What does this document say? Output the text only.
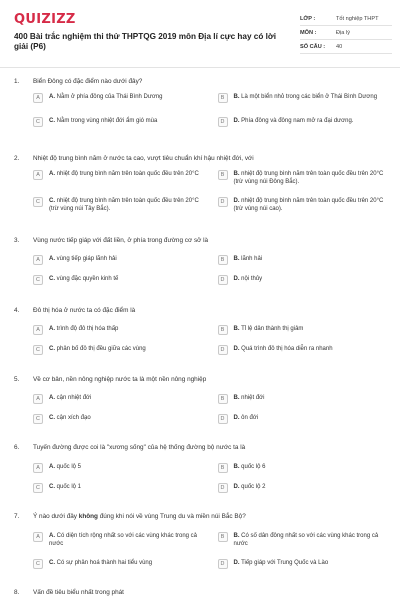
QUIZIZZ
400 Bài trắc nghiệm thi thử THPTQG 2019 môn Địa lí cực hay có lời giải (P6)
LỚP :	Tốt nghiệp THPT
MÔN :	Địa lý
SỐ CÂU :	40
1.	Biển Đông có đặc điểm nào dưới đây?
A	A. Nằm ở phía đông của Thái Bình Dương	B	B. Là một biển nhỏ trong các biển ở Thái Bình Dương
C	C. Nằm trong vùng nhiệt đới ẩm gió mùa	D	D. Phía đông và đông nam mở ra đại dương.
2.	Nhiệt độ trung bình năm ở nước ta cao, vượt tiêu chuẩn khí hậu nhiệt đới, với
A	A. nhiệt độ trung bình năm trên toàn quốc đều trên 20°C	B	B. nhiệt độ trung bình năm trên toàn quốc đều trên 20°C (trừ vùng núi Đông Bắc).
C	C. nhiệt độ trung bình năm trên toàn quốc đều trên 20°C (trừ vùng núi Tây Bắc).
D	D. nhiệt độ trung bình năm trên toàn quốc đều trên 20°C (trừ vùng núi cao).
3.	Vùng nước tiếp giáp với đất liền, ở phía trong đường cơ sở là
A	A. vùng tiếp giáp lãnh hải	B	B. lãnh hải
C	C. vùng đặc quyền kinh tế	D	D. nội thủy
4.	Đô thị hóa ở nước ta có đặc điểm là
A	A. trình độ đô thị hóa thấp	B	B. Tỉ lệ dân thành thị giảm
C	C. phân bố đô thị đều giữa các vùng	D	D. Quá trình đô thị hóa diễn ra nhanh
5.	Về cơ bản, nền nông nghiệp nước ta là một nền nông nghiệp
A	A. cận nhiệt đới	B	B. nhiệt đới
C	C. cận xích đạo	D	D. ôn đới
6.	Tuyến đường được coi là "xương sống" của hệ thống đường bộ nước ta là
A	A. quốc lộ 5	B	B. quốc lộ 6
C	C. quốc lộ 1	D	D. quốc lộ 2
7.	Ý nào dưới đây không đúng khi nói về vùng Trung du và miền núi Bắc Bộ?
A	A. Có diện tích rộng nhất so với các vùng khác trong cả nước
B	B. Có số dân đông nhất so với các vùng khác trong cả nước
C	C. Có sự phân hoá thành hai tiểu vùng	D	D. Tiếp giáp với Trung Quốc và Lào
8.	Vấn đề tiêu biểu nhất trong phát
